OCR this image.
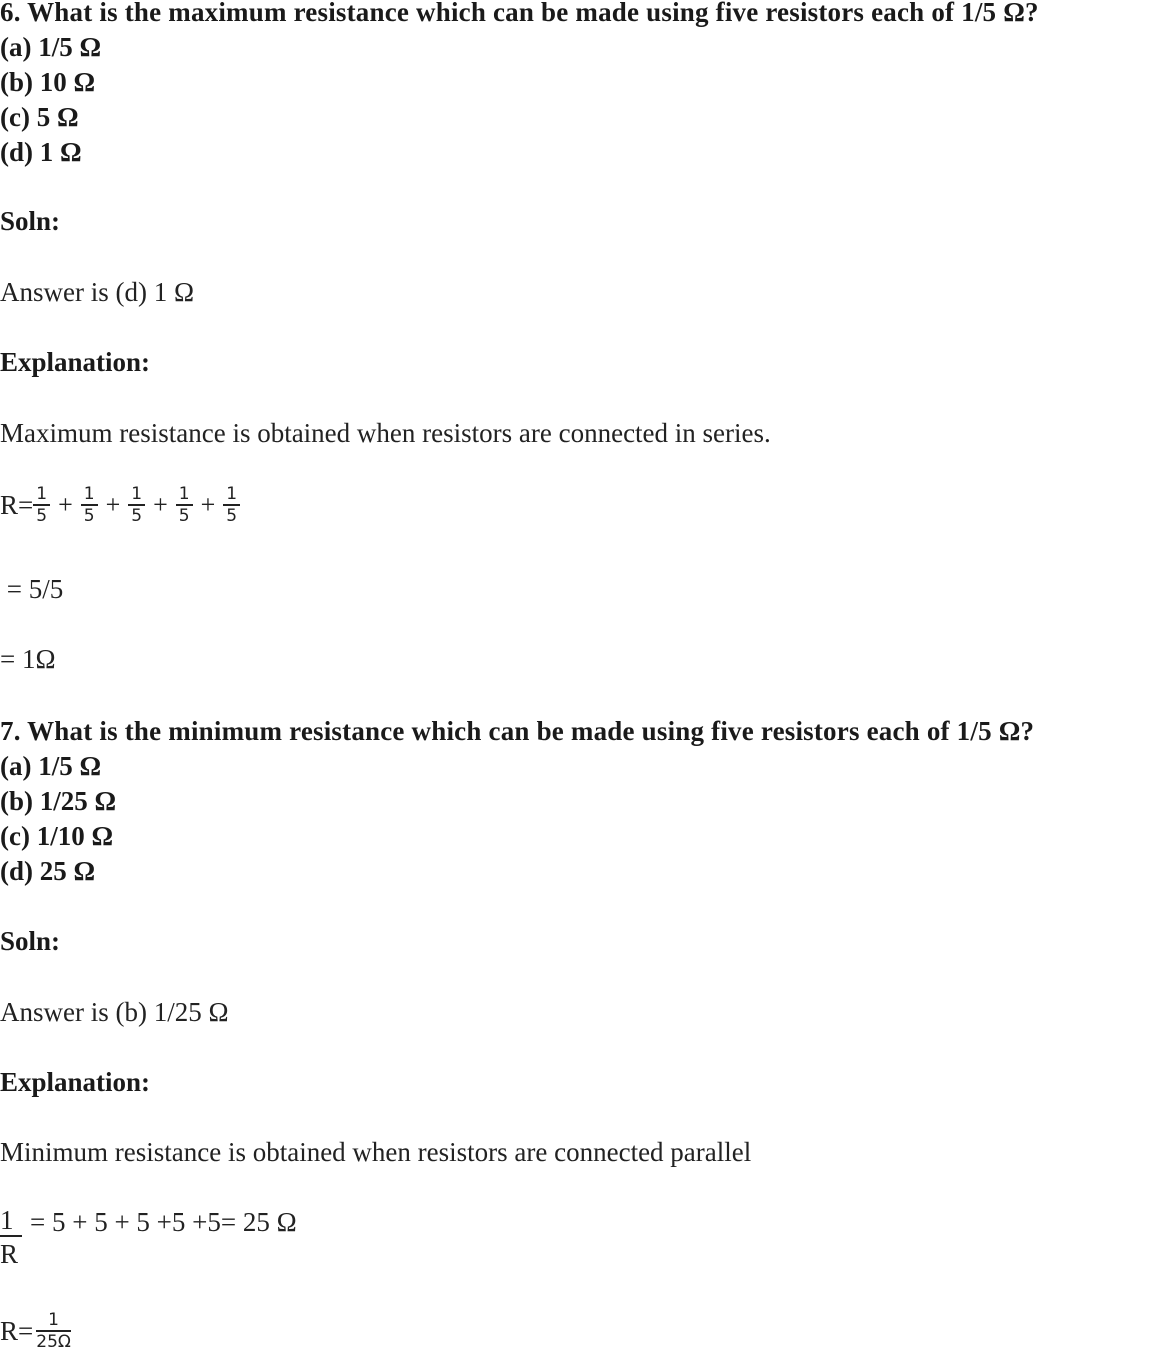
6. What is the maximum resistance which can be made using five resistors each of 1/5 Ω?
(a) 1/5 Ω
(b) 10 Ω
(c) 5 Ω
(d) 1 Ω
Soln:
Answer is (d) 1 Ω
Explanation:
Maximum resistance is obtained when resistors are connected in series.
$R= \frac{1}{5} + \frac{1}{5} + \frac{1}{5} + \frac{1}{5} + \frac{1}{5}$
= 5/5
= 1Ω
7. What is the minimum resistance which can be made using five resistors each of 1/5 Ω?
(a) 1/5 Ω
(b) 1/25 Ω
(c) 1/10 Ω
(d) 25 Ω
Soln:
Answer is (b) 1/25 Ω
Explanation:
Minimum resistance is obtained when resistors are connected parallel
$\frac{1}{R} = 5 + 5 + 5 +5 +5= 25$ Ω
$R= \frac{1}{25\Omega}$
